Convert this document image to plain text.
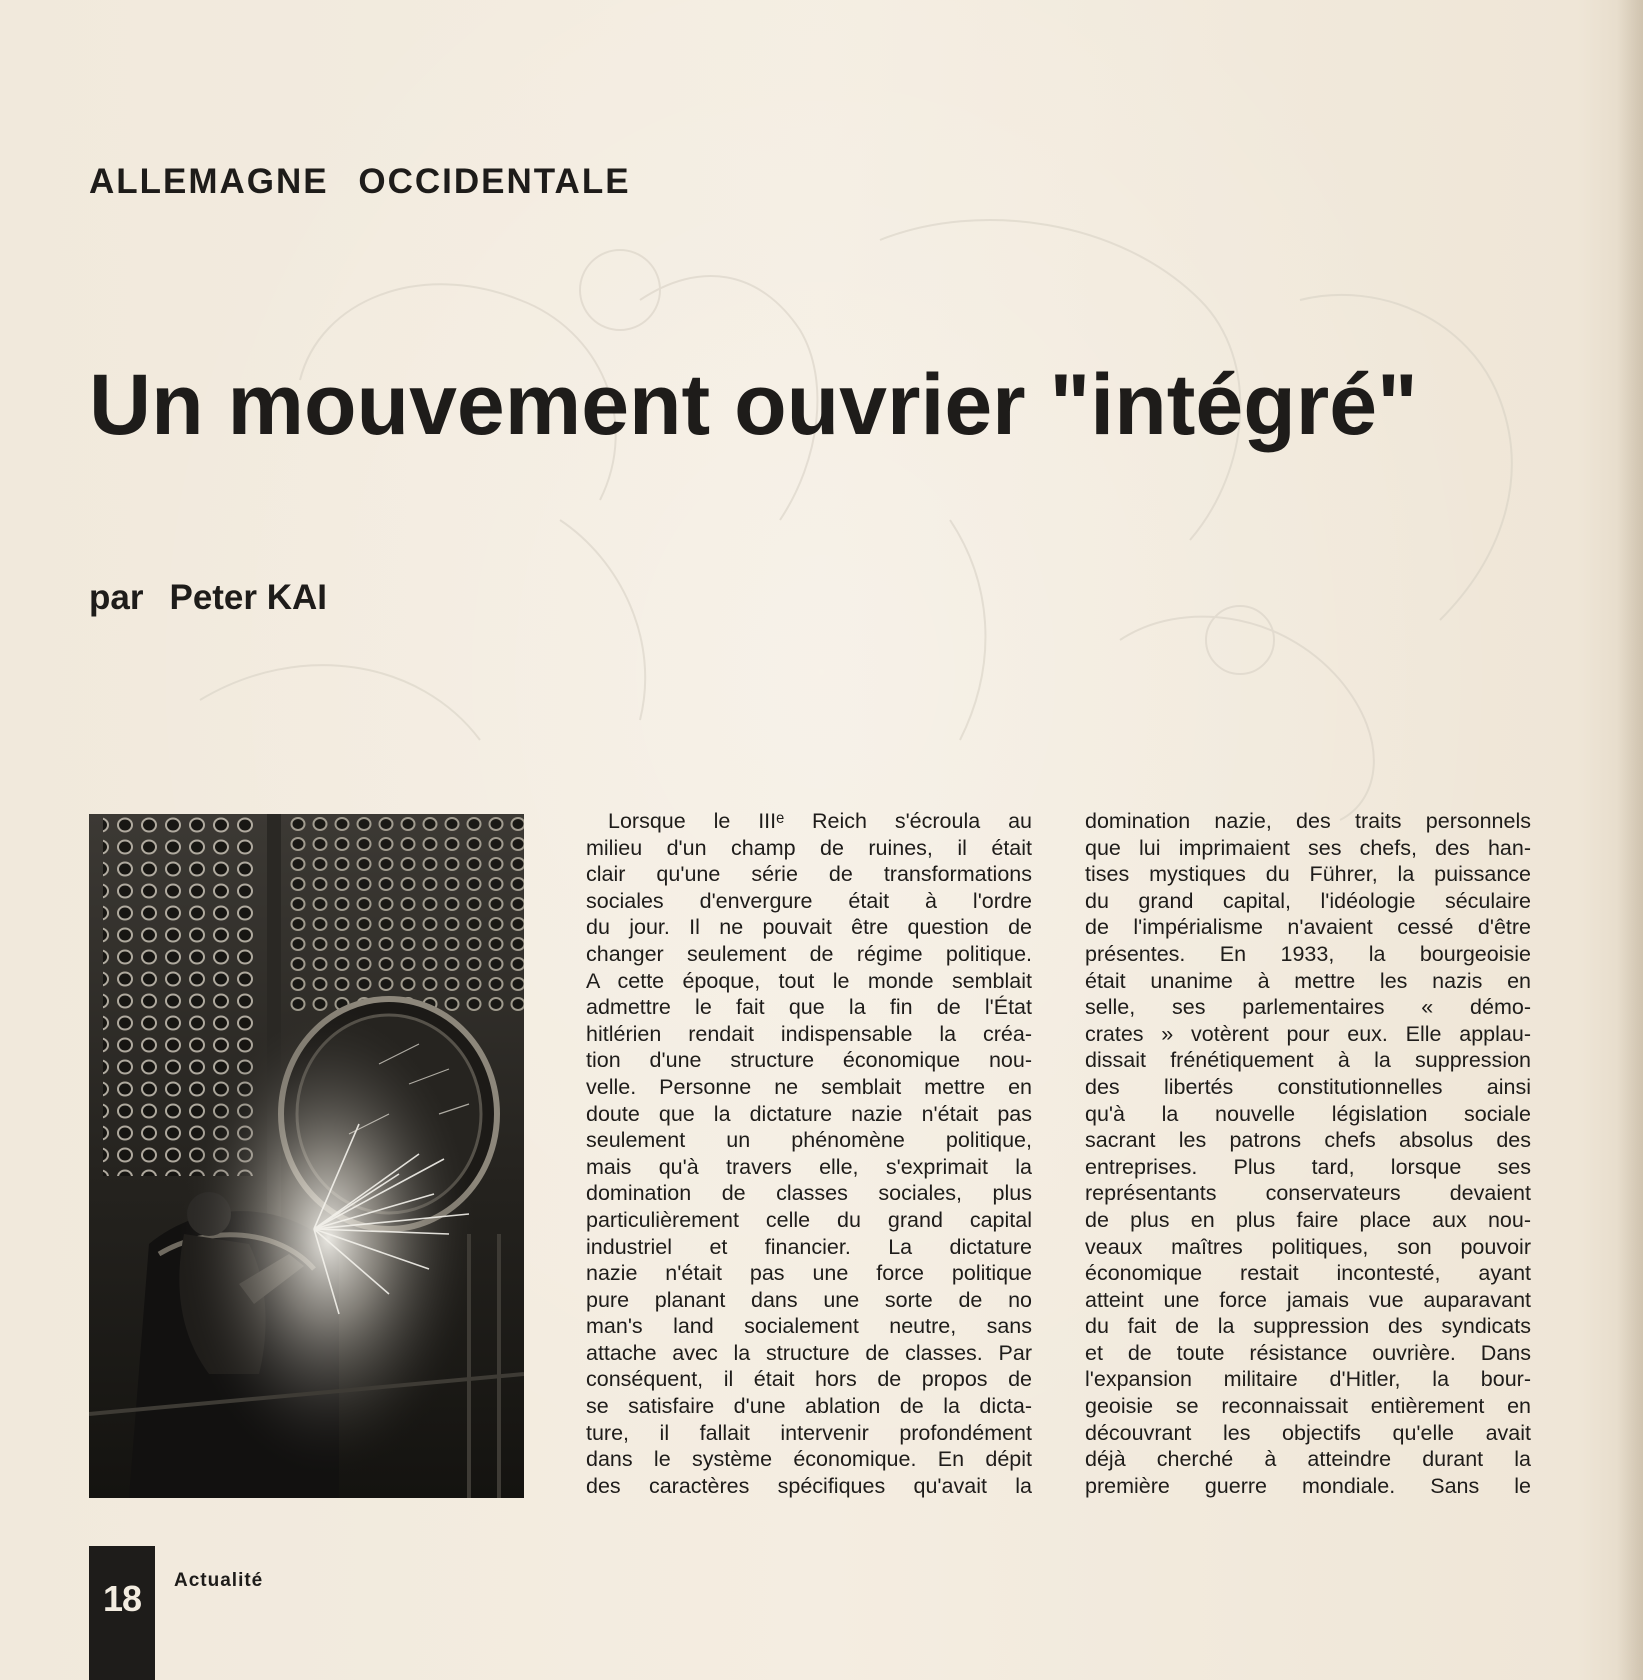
ALLEMAGNE OCCIDENTALE
Un mouvement ouvrier "intégré"
par Peter KAI
Lorsque le IIIᵉ Reich s'écroula au
milieu d'un champ de ruines, il était
clair qu'une série de transformations
sociales d'envergure était à l'ordre
du jour. Il ne pouvait être question de
changer seulement de régime politique.
A cette époque, tout le monde semblait
admettre le fait que la fin de l'État
hitlérien rendait indispensable la créa-
tion d'une structure économique nou-
velle. Personne ne semblait mettre en
doute que la dictature nazie n'était pas
seulement un phénomène politique,
mais qu'à travers elle, s'exprimait la
domination de classes sociales, plus
particulièrement celle du grand capital
industriel et financier. La dictature
nazie n'était pas une force politique
pure planant dans une sorte de no
man's land socialement neutre, sans
attache avec la structure de classes. Par
conséquent, il était hors de propos de
se satisfaire d'une ablation de la dicta-
ture, il fallait intervenir profondément
dans le système économique. En dépit
des caractères spécifiques qu'avait la
domination nazie, des traits personnels
que lui imprimaient ses chefs, des han-
tises mystiques du Führer, la puissance
du grand capital, l'idéologie séculaire
de l'impérialisme n'avaient cessé d'être
présentes. En 1933, la bourgeoisie
était unanime à mettre les nazis en
selle, ses parlementaires « démo-
crates » votèrent pour eux. Elle applau-
dissait frénétiquement à la suppression
des libertés constitutionnelles ainsi
qu'à la nouvelle législation sociale
sacrant les patrons chefs absolus des
entreprises. Plus tard, lorsque ses
représentants conservateurs devaient
de plus en plus faire place aux nou-
veaux maîtres politiques, son pouvoir
économique restait incontesté, ayant
atteint une force jamais vue auparavant
du fait de la suppression des syndicats
et de toute résistance ouvrière. Dans
l'expansion militaire d'Hitler, la bour-
geoisie se reconnaissait entièrement en
découvrant les objectifs qu'elle avait
déjà cherché à atteindre durant la
première guerre mondiale. Sans le
18	Actualité
